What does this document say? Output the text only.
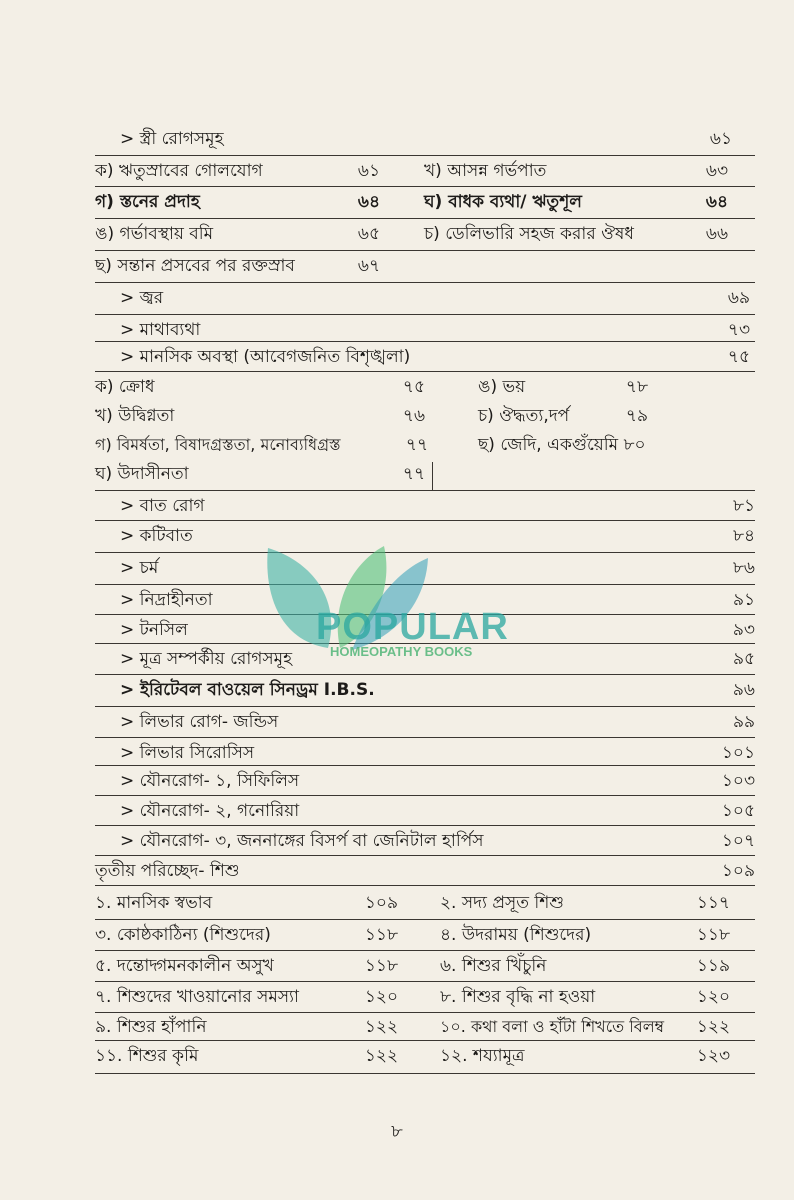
> স্ত্রী রোগসমূহ	৬১
ক) ঋতুস্রাবের গোলযোগ	৬১	খ) আসন্ন গর্ভপাত	৬৩
গ) স্তনের প্রদাহ	৬৪	ঘ) বাধক ব্যথা/ ঋতুশূল	৬৪
ঙ) গর্ভাবস্থায় বমি	৬৫	চ) ডেলিভারি সহজ করার ঔষধ	৬৬
ছ) সন্তান প্রসবের পর রক্তস্রাব	৬৭
> জ্বর	৬৯
> মাথাব্যথা	৭৩
> মানসিক অবস্থা (আবেগজনিত বিশৃঙ্খলা)	৭৫
ক) ক্রোধ	৭৫	ঙ) ভয়	৭৮
খ) উদ্বিগ্নতা	৭৬	চ) ঔদ্ধত্য,দর্প	৭৯
গ) বিমর্ষতা, বিষাদগ্রস্ততা, মনোব্যধিগ্রস্ত	৭৭	ছ) জেদি, একগুঁয়েমি ৮০
ঘ) উদাসীনতা	৭৭
> বাত রোগ	৮১
> কটিবাত	৮৪
> চর্ম	৮৬
> নিদ্রাহীনতা	৯১
> টনসিল	৯৩
> মূত্র সম্পর্কীয় রোগসমূহ	৯৫
> ইরিটেবল বাওয়েল সিনড্রম I.B.S.	৯৬
> লিভার রোগ- জন্ডিস	৯৯
> লিভার সিরোসিস	১০১
> যৌনরোগ- ১, সিফিলিস	১০৩
> যৌনরোগ- ২, গনোরিয়া	১০৫
> যৌনরোগ- ৩, জননাঙ্গের বিসর্প বা জেনিটাল হার্পিস	১০৭
তৃতীয় পরিচ্ছেদ- শিশু	১০৯
১. মানসিক স্বভাব	১০৯ ২. সদ্য প্রসূত শিশু	১১৭
৩. কোষ্ঠকাঠিন্য (শিশুদের)	১১৮ ৪. উদরাময় (শিশুদের)	১১৮
৫. দন্তোদ্গমনকালীন অসুখ	১১৮ ৬. শিশুর খিঁচুনি	১১৯
৭. শিশুদের খাওয়ানোর সমস্যা	১২০ ৮. শিশুর বৃদ্ধি না হওয়া	১২০
৯. শিশুর হাঁপানি	১২২	১০. কথা বলা ও হাঁটা শিখতে বিলম্ব	১২২
১১. শিশুর কৃমি	১২২ ১২. শয্যামূত্র	১২৩
POPULAR
HOMEOPATHY BOOKS
৮
